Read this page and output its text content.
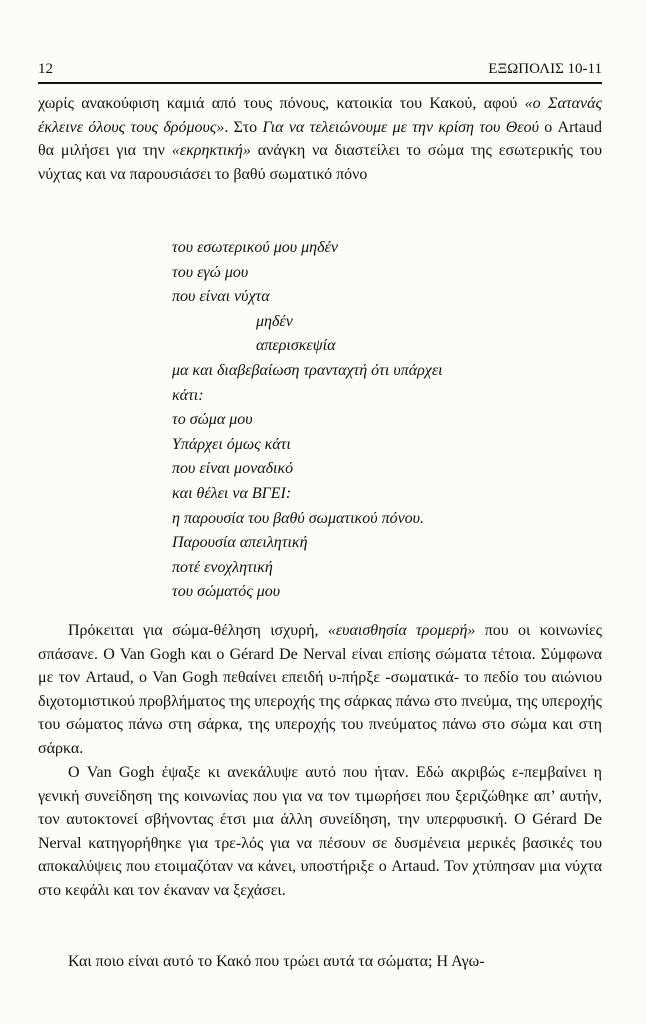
12	ΕΞΩΠΟΛΙΣ 10-11

χωρίς ανακούφιση καμιά από τους πόνους, κατοικία του Κακού, αφού «ο Σατανάς έκλεινε όλους τους δρόμους». Στο Για να τελειώνουμε με την κρίση του Θεού ο Artaud θα μιλήσει για την «εκρηκτική» ανάγκη να διαστείλει το σώμα της εσωτερικής του νύχτας και να παρουσιάσει το βαθύ σωματικό πόνο

του εσωτερικού μου μηδέν
του εγώ μου
που είναι νύχτα
μηδέν
απερισκεψία
μα και διαβεβαίωση τρανταχτή ότι υπάρχει
κάτι:
το σώμα μου
Υπάρχει όμως κάτι
που είναι μοναδικό
και θέλει να ΒΓΕΙ:
η παρουσία του βαθύ σωματικού πόνου.
Παρουσία απειλητική
ποτέ ενοχλητική
του σώματός μου

Πρόκειται για σώμα-θέληση ισχυρή, «ευαισθησία τρομερή» που οι κοινωνίες σπάσανε. Ο Van Gogh και ο Gérard De Nerval είναι επίσης σώματα τέτοια. Σύμφωνα με τον Artaud, ο Van Gogh πεθαίνει επειδή υ-πήρξε -σωματικά- το πεδίο του αιώνιου διχοτομιστικού προβλήματος της υπεροχής της σάρκας πάνω στο πνεύμα, της υπεροχής του σώματος πάνω στη σάρκα, της υπεροχής του πνεύματος πάνω στο σώμα και στη σάρκα.

Ο Van Gogh έψαξε κι ανεκάλυψε αυτό που ήταν. Εδώ ακριβώς ε-πεμβαίνει η γενική συνείδηση της κοινωνίας που για να τον τιμωρήσει που ξεριζώθηκε απ’ αυτήν, τον αυτοκτονεί σβήνοντας έτσι μια άλλη συνείδηση, την υπερφυσική. Ο Gérard De Nerval κατηγορήθηκε για τρε-λός για να πέσουν σε δυσμένεια μερικές βασικές του αποκαλύψεις που ετοιμαζόταν να κάνει, υποστήριξε ο Artaud. Τον χτύπησαν μια νύχτα στο κεφάλι και τον έκαναν να ξεχάσει.

Και ποιο είναι αυτό το Κακό που τρώει αυτά τα σώματα; Η Αγω-
